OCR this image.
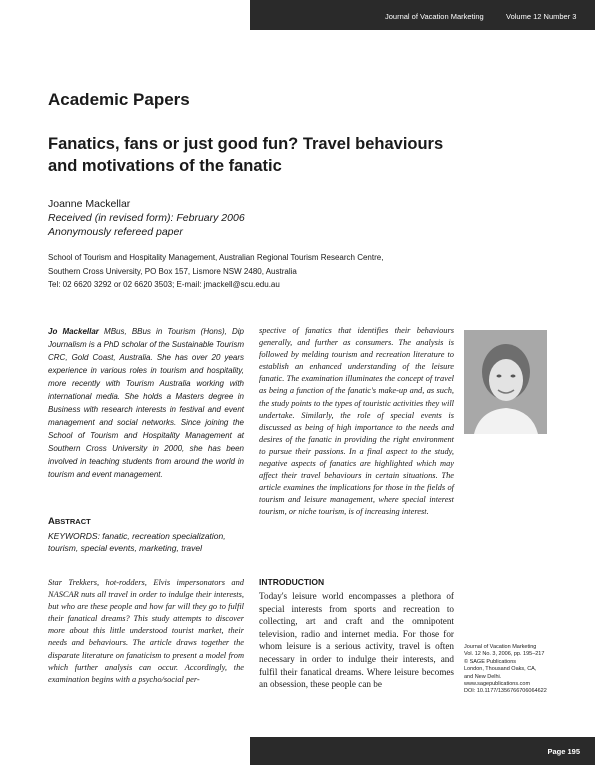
Journal of Vacation Marketing	Volume 12 Number 3
Academic Papers
Fanatics, fans or just good fun? Travel behaviours and motivations of the fanatic
Joanne Mackellar
Received (in revised form): February 2006
Anonymously refereed paper

School of Tourism and Hospitality Management, Australian Regional Tourism Research Centre,

Southern Cross University, PO Box 157, Lismore NSW 2480, Australia

Tel: 02 6620 3292 or 02 6620 3503; E-mail: jmackell@scu.edu.au

Jo Mackellar MBus, BBus in Tourism (Hons), Dip Journalism is a PhD scholar of the Sustainable Tourism CRC, Gold Coast, Australia. She has over 20 years experience in various roles in tourism and hospitality, more recently with Tourism Australia working with international media. She holds a Masters degree in Business with research interests in festival and event management and social networks. Since joining the School of Tourism and Hospitality Management at Southern Cross University in 2000, she has been involved in teaching students from around the world in tourism and event management.
ABSTRACT
KEYWORDS: fanatic, recreation specialization, tourism, special events, marketing, travel
Star Trekkers, hot-rodders, Elvis impersonators and NASCAR nuts all travel in order to indulge their interests, but who are these people and how far will they go to fulfil their fanatical dreams? This study attempts to discover more about this little understood tourist market, their needs and behaviours. The article draws together the disparate literature on fanaticism to present a model from which further analysis can occur. Accordingly, the examination begins with a psycho/social per-
spective of fanatics that identifies their behaviours generally, and further as consumers. The analysis is followed by melding tourism and recreation literature to establish an enhanced understanding of the leisure fanatic. The examination illuminates the concept of travel as being a function of the fanatic's make-up and, as such, the study points to the types of touristic activities they will undertake. Similarly, the role of special events is discussed as being of high importance to the needs and desires of the fanatic in providing the right environment to pursue their passions. In a final aspect to the study, negative aspects of fanatics are highlighted which may affect their travel behaviours in certain situations. The article examines the implications for those in the fields of tourism and leisure management, where special interest tourism, or niche tourism, is of increasing interest.
INTRODUCTION
Today's leisure world encompasses a plethora of special interests from sports and recreation to collecting, art and craft and the omnipotent television, radio and internet media. For those for whom leisure is a serious activity, travel is often necessary in order to indulge their interests, and fulfil their fanatical dreams. Where leisure becomes an obsession, these people can be
Journal of Vacation Marketing
Vol. 12 No. 3, 2006, pp. 195–217
© SAGE Publications
London, Thousand Oaks, CA,
and New Delhi.
www.sagepublications.com
DOI: 10.1177/1356766706064622
Page 195
